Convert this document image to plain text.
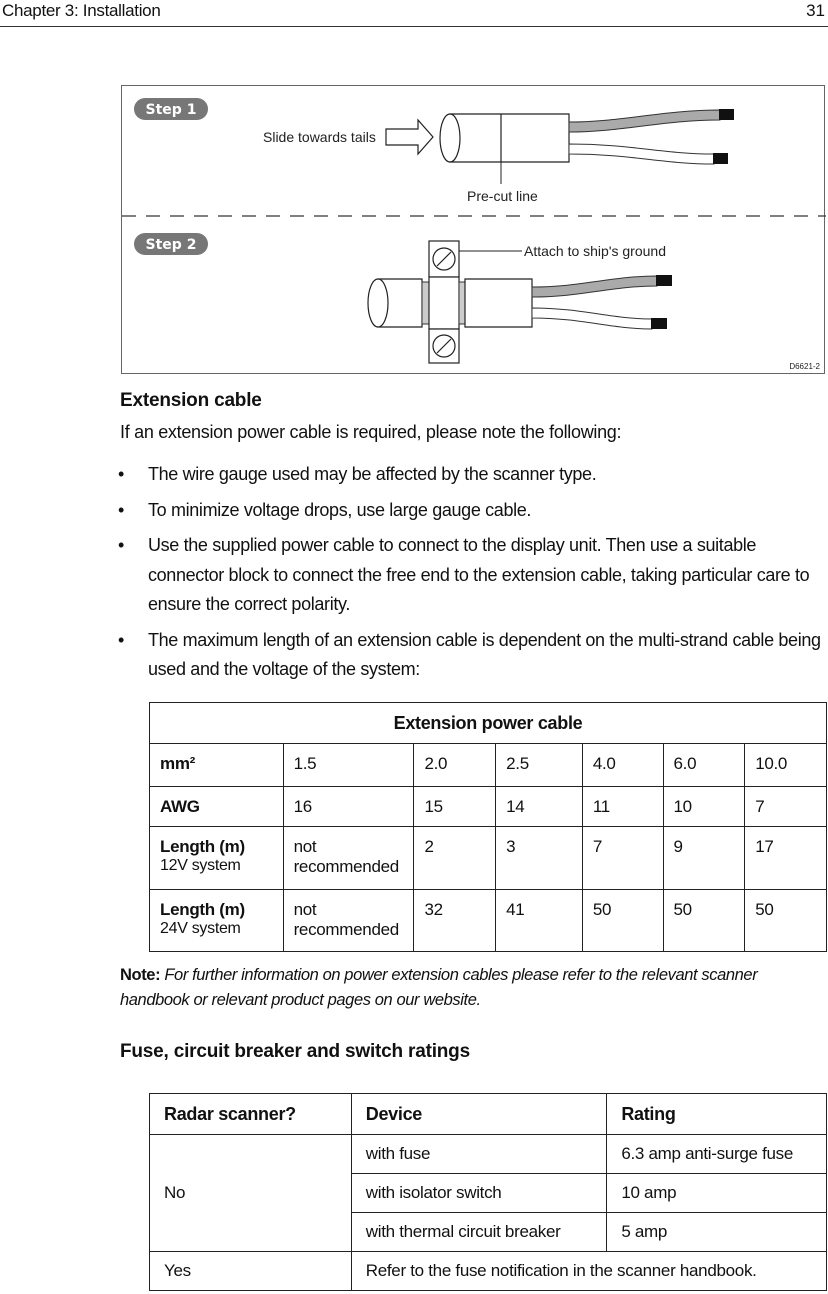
Chapter 3: Installation	31
Step 1
Slide towards tails
Pre-cut line
Step 2	Attach to ship's ground
D6621-2
Extension cable
If an extension power cable is required, please note the following:
• The wire gauge used may be affected by the scanner type.
• To minimize voltage drops, use large gauge cable.
• Use the supplied power cable to connect to the display unit. Then use a suitable connector block to connect the free end to the extension cable, taking particular care to ensure the correct polarity.
• The maximum length of an extension cable is dependent on the multi-strand cable being used and the voltage of the system:
Extension power cable						

mm²	1.5	2.0	2.5	4.0	6.0	10.0

AWG	16	15	14	11	10	7

Length (m)
12V system	not recommended	2	3	7	9	17

Length (m)
24V system	not recommended	32	41	50	50	50
Note: For further information on power extension cables please refer to the relevant scanner handbook or relevant product pages on our website.
Fuse, circuit breaker and switch ratings
Radar scanner?	Device	Rating
No	with fuse	6.3 amp anti-surge fuse
	with isolator switch	10 amp
	with thermal circuit breaker	5 amp
Yes	Refer to the fuse notification in the scanner handbook.	
